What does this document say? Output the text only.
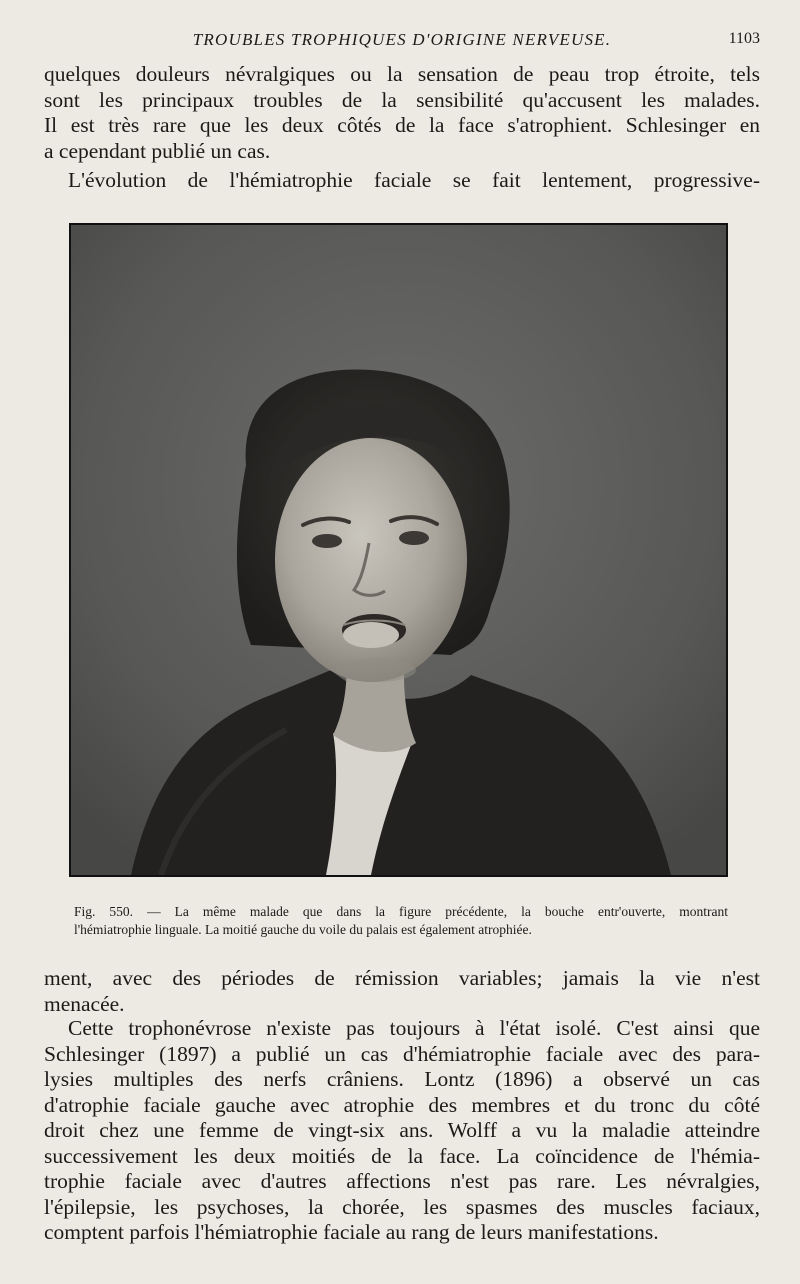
TROUBLES TROPHIQUES D'ORIGINE NERVEUSE.	1103
quelques douleurs névralgiques ou la sensation de peau trop étroite, tels
sont les principaux troubles de la sensibilité qu'accusent les malades.
Il est très rare que les deux côtés de la face s'atrophient. Schlesinger en
a cependant publié un cas.
L'évolution de l'hémiatrophie faciale se fait lentement, progressive-
Fig. 550. — La même malade que dans la figure précédente, la bouche entr'ouverte, montrant
l'hémiatrophie linguale. La moitié gauche du voile du palais est également atrophiée.
ment, avec des périodes de rémission variables; jamais la vie n'est
menacée.
Cette trophonévrose n'existe pas toujours à l'état isolé. C'est ainsi que
Schlesinger (1897) a publié un cas d'hémiatrophie faciale avec des para-
lysies multiples des nerfs crâniens. Lontz (1896) a observé un cas
d'atrophie faciale gauche avec atrophie des membres et du tronc du côté
droit chez une femme de vingt-six ans. Wolff a vu la maladie atteindre
successivement les deux moitiés de la face. La coïncidence de l'hémia-
trophie faciale avec d'autres affections n'est pas rare. Les névralgies,
l'épilepsie, les psychoses, la chorée, les spasmes des muscles faciaux,
comptent parfois l'hémiatrophie faciale au rang de leurs manifestations.
